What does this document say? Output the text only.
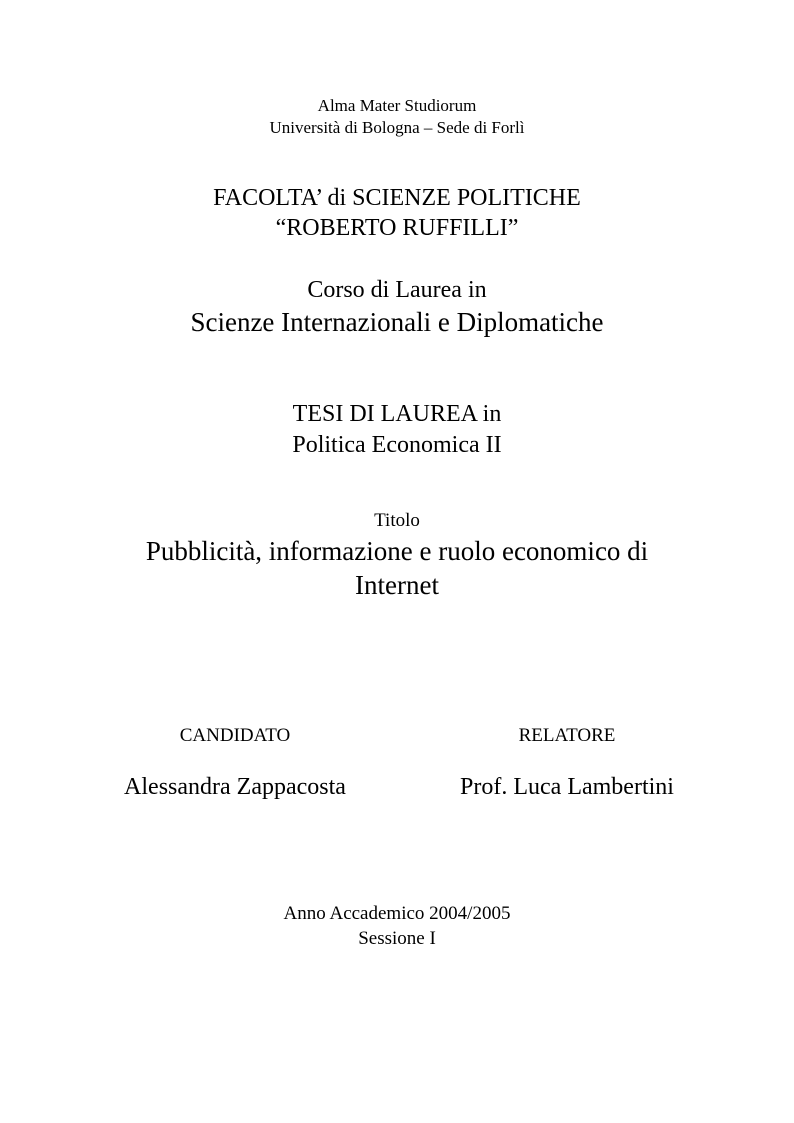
Alma Mater Studiorum
Università di Bologna – Sede di Forlì
FACOLTA’ di SCIENZE POLITICHE
“ROBERTO RUFFILLI”
Corso di Laurea in
Scienze Internazionali e Diplomatiche
TESI DI LAUREA in
Politica Economica II
Titolo
Pubblicità, informazione e ruolo economico di
Internet
CANDIDATO	RELATORE
Alessandra Zappacosta	Prof. Luca Lambertini
Anno Accademico 2004/2005
Sessione I
